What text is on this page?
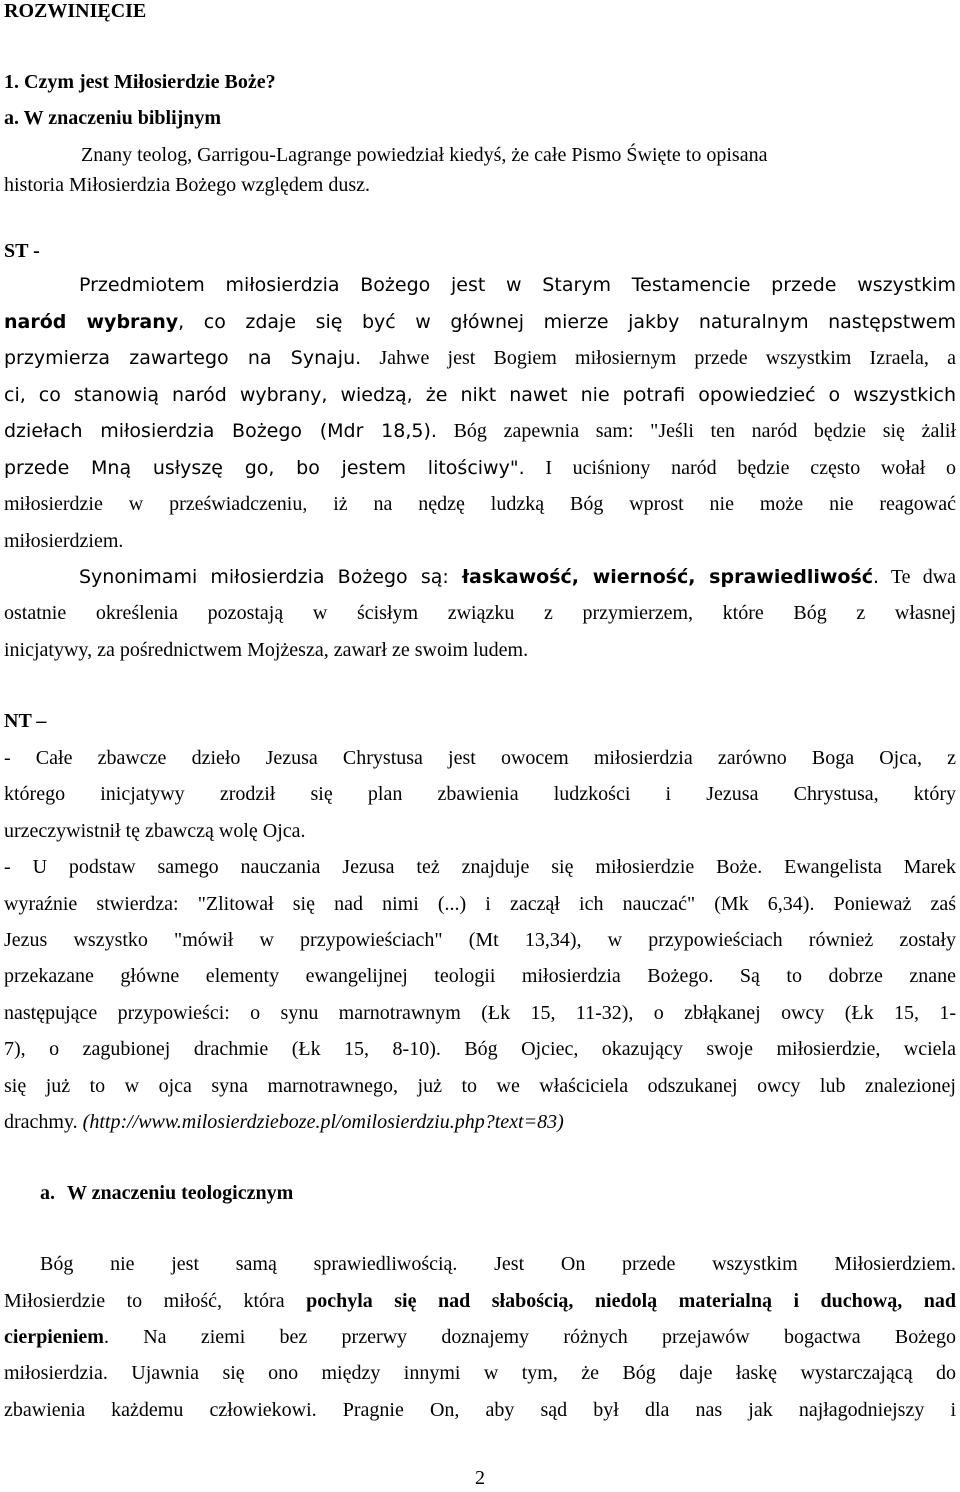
ROZWINIĘCIE
1. Czym jest Miłosierdzie Boże?
a. W znaczeniu biblijnym
Znany teolog, Garrigou-Lagrange powiedział kiedyś, że całe Pismo Święte to opisana
historia Miłosierdzia Bożego względem dusz.
ST -
Przedmiotem miłosierdzia Bożego jest w Starym Testamencie przede wszystkim
naród wybrany, co zdaje się być w głównej mierze jakby naturalnym następstwem
przymierza zawartego na Synaju. Jahwe jest Bogiem miłosiernym przede wszystkim Izraela, a
ci, co stanowią naród wybrany, wiedzą, że nikt nawet nie potrafi opowiedzieć o wszystkich
dziełach miłosierdzia Bożego (Mdr 18,5). Bóg zapewnia sam: "Jeśli ten naród będzie się żalił
przede Mną usłyszę go, bo jestem litościwy". I uciśniony naród będzie często wołał o
miłosierdzie w przeświadczeniu, iż na nędzę ludzką Bóg wprost nie może nie reagować
miłosierdziem.
Synonimami miłosierdzia Bożego są: łaskawość, wierność, sprawiedliwość. Te dwa
ostatnie określenia pozostają w ścisłym związku z przymierzem, które Bóg z własnej
inicjatywy, za pośrednictwem Mojżesza, zawarł ze swoim ludem.
NT –
- Całe zbawcze dzieło Jezusa Chrystusa jest owocem miłosierdzia zarówno Boga Ojca, z
którego inicjatywy zrodził się plan zbawienia ludzkości i Jezusa Chrystusa, który
urzeczywistnił tę zbawczą wolę Ojca.
- U podstaw samego nauczania Jezusa też znajduje się miłosierdzie Boże. Ewangelista Marek
wyraźnie stwierdza: "Zlitował się nad nimi (...) i zaczął ich nauczać" (Mk 6,34). Ponieważ zaś
Jezus wszystko "mówił w przypowieściach" (Mt 13,34), w przypowieściach również zostały
przekazane główne elementy ewangelijnej teologii miłosierdzia Bożego. Są to dobrze znane
następujące przypowieści: o synu marnotrawnym (Łk 15, 11-32), o zbłąkanej owcy (Łk 15, 1-
7), o zagubionej drachmie (Łk 15, 8-10). Bóg Ojciec, okazujący swoje miłosierdzie, wciela
się już to w ojca syna marnotrawnego, już to we właściciela odszukanej owcy lub znalezionej
drachmy. (http://www.milosierdzieboze.pl/omilosierdziu.php?text=83)
a. W znaczeniu teologicznym
Bóg nie jest samą sprawiedliwością. Jest On przede wszystkim Miłosierdziem.
Miłosierdzie to miłość, która pochyla się nad słabością, niedolą materialną i duchową, nad
cierpieniem. Na ziemi bez przerwy doznajemy różnych przejawów bogactwa Bożego
miłosierdzia. Ujawnia się ono między innymi w tym, że Bóg daje łaskę wystarczającą do
zbawienia każdemu człowiekowi. Pragnie On, aby sąd był dla nas jak najłagodniejszy i
2
